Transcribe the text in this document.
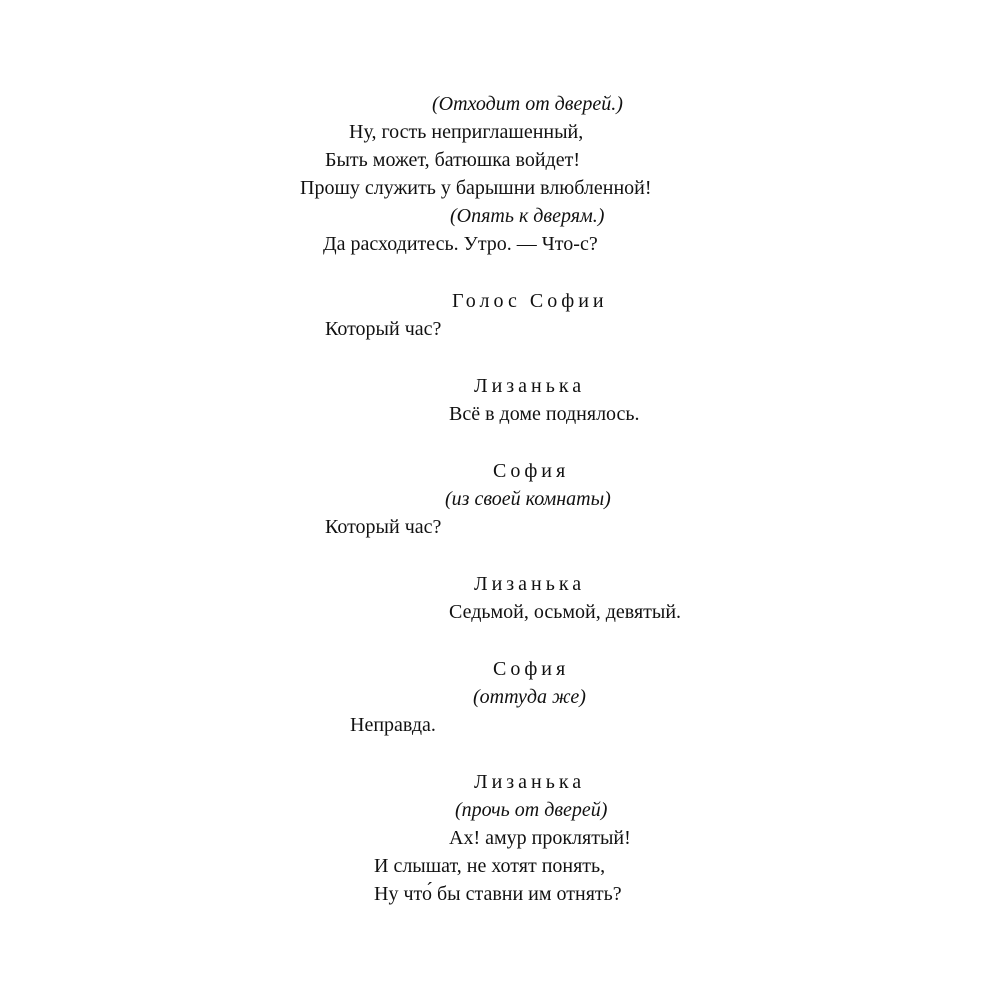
(Отходит от дверей.)
Ну, гость неприглашенный,
Быть может, батюшка войдет!
Прошу служить у барышни влюбленной!
(Опять к дверям.)
Да расходитесь. Утро. — Что-с?
Голос Софии
Который час?
Лизанька
Всё в доме поднялось.
София
(из своей комнаты)
Который час?
Лизанька
Седьмой, осьмой, девятый.
София
(оттуда же)
Неправда.
Лизанька
(прочь от дверей)
Ах! амур проклятый!
И слышат, не хотят понять,
Ну что́ бы ставни им отнять?
